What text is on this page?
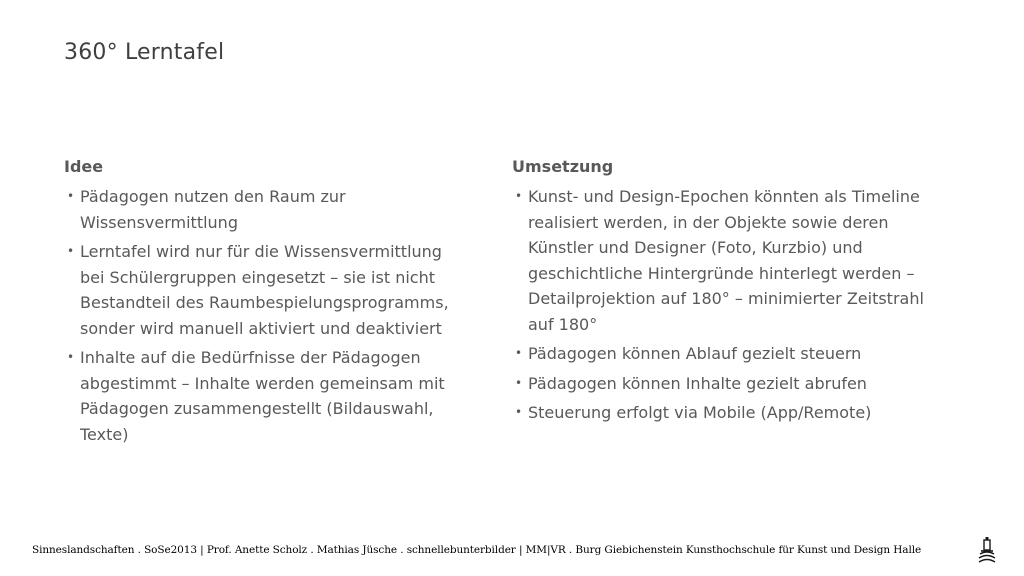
360° Lerntafel
Idee
• Pädagogen nutzen den Raum zur Wissensvermittlung
• Lerntafel wird nur für die Wissensvermittlung bei Schülergruppen eingesetzt – sie ist nicht Bestandteil des Raumbespielungsprogramms, sonder wird manuell aktiviert und deaktiviert
• Inhalte auf die Bedürfnisse der Pädagogen abgestimmt – Inhalte werden gemeinsam mit Pädagogen zusammengestellt (Bildauswahl, Texte)
Umsetzung
• Kunst- und Design-Epochen könnten als Timeline realisiert werden, in der Objekte sowie deren Künstler und Designer (Foto, Kurzbio) und geschichtliche Hintergründe hinterlegt werden – Detailprojektion auf 180° – minimierter Zeitstrahl auf 180°
• Pädagogen können Ablauf gezielt steuern
• Pädagogen können Inhalte gezielt abrufen
• Steuerung erfolgt via Mobile (App/Remote)
Sinneslandschaften . SoSe2013 | Prof. Anette Scholz . Mathias Jüsche . schnellebunterbilder | MM|VR . Burg Giebichenstein Kunsthochschule für Kunst und Design Halle
